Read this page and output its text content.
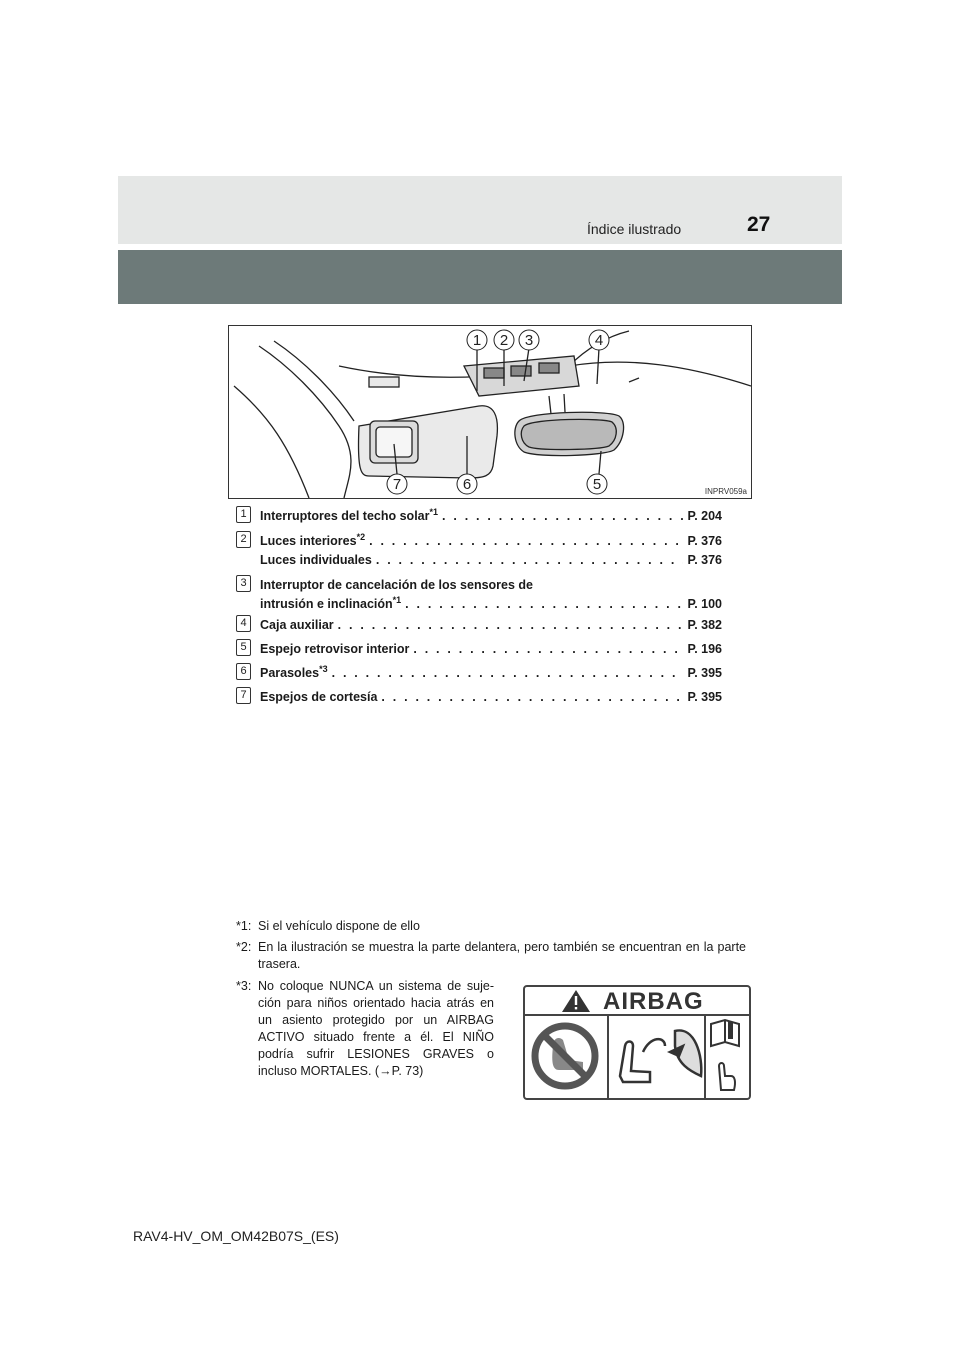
Índice ilustrado	27
1 2 3	4
5
6
7	INPRV059a
1	Interruptores del techo solar$^{*1}$ . . .	P. 204
2	Luces interiores$^{*2}$ . . .	P. 376
Luces individuales . . .	P. 376
3	Interruptor de cancelación de los sensores de
intrusión e inclinación$^{*1}$ . . .	P. 100
4	Caja auxiliar . . .	P. 382
5	Espejo retrovisor interior . . .	P. 196
6	Parasoles$^{*3}$ . . .	P. 395
7	Espejos de cortesía . . .	P. 395
*1: Si el vehículo dispone de ello
*2: En la ilustración se muestra la parte delantera, pero también se encuentran en la parte trasera.
*3: No coloque NUNCA un sistema de suje-ción para niños orientado hacia atrás en un asiento protegido por un AIRBAG ACTIVO situado frente a él. El NIÑO podría sufrir LESIONES GRAVES o incluso MORTALES. (→P. 73)
AIRBAG
RAV4-HV_OM_OM42B07S_(ES)
